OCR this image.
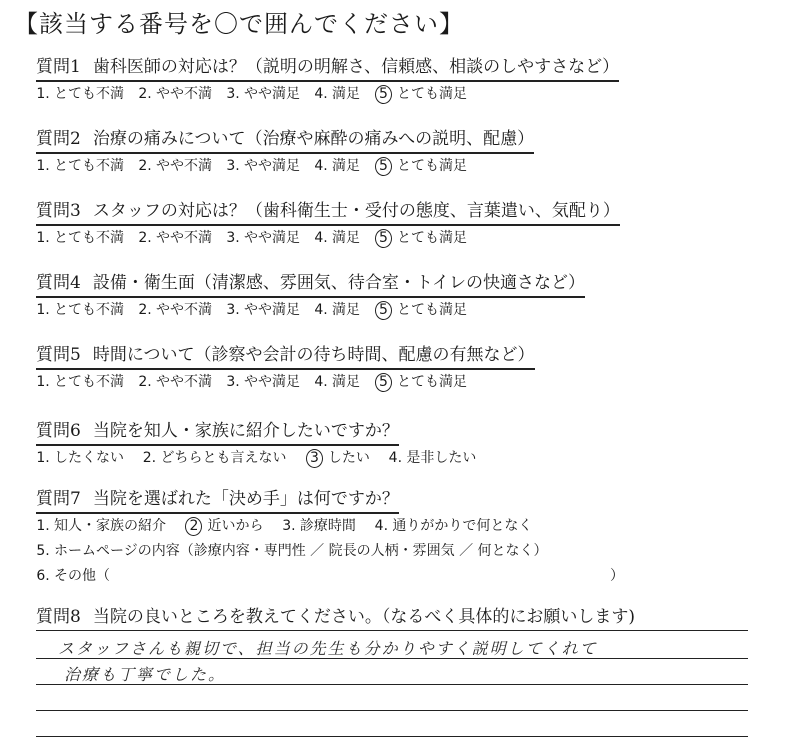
【該当する番号を〇で囲んでください】
質問1 歯科医師の対応は？（説明の明解さ、信頼感、相談のしやすさなど）
1. とても不満 2. やや不満 3. やや満足 4. 満足 5 とても満足
質問2 治療の痛みについて（治療や麻酔の痛みへの説明、配慮）
1. とても不満 2. やや不満 3. やや満足 4. 満足 5 とても満足
質問3 スタッフの対応は？（歯科衛生士・受付の態度、言葉遣い、気配り）
1. とても不満 2. やや不満 3. やや満足 4. 満足 5 とても満足
質問4 設備・衛生面（清潔感、雰囲気、待合室・トイレの快適さなど）
1. とても不満 2. やや不満 3. やや満足 4. 満足 5 とても満足
質問5 時間について（診察や会計の待ち時間、配慮の有無など）
1. とても不満 2. やや不満 3. やや満足 4. 満足 5 とても満足
質問6 当院を知人・家族に紹介したいですか？
1. したくない 2. どちらとも言えない 3 したい 4. 是非したい
質問7 当院を選ばれた「決め手」は何ですか？
1. 知人・家族の紹介 2 近いから 3. 診療時間 4. 通りがかりで何となく
5. ホームページの内容（診療内容・専門性 ／ 院長の人柄・雰囲気 ／ 何となく）
6. その他（	）
質問8 当院の良いところを教えてください。（なるべく具体的にお願いします)
スタッフさんも親切で、担当の先生も分かりやすく説明してくれて
治療も丁寧でした。
